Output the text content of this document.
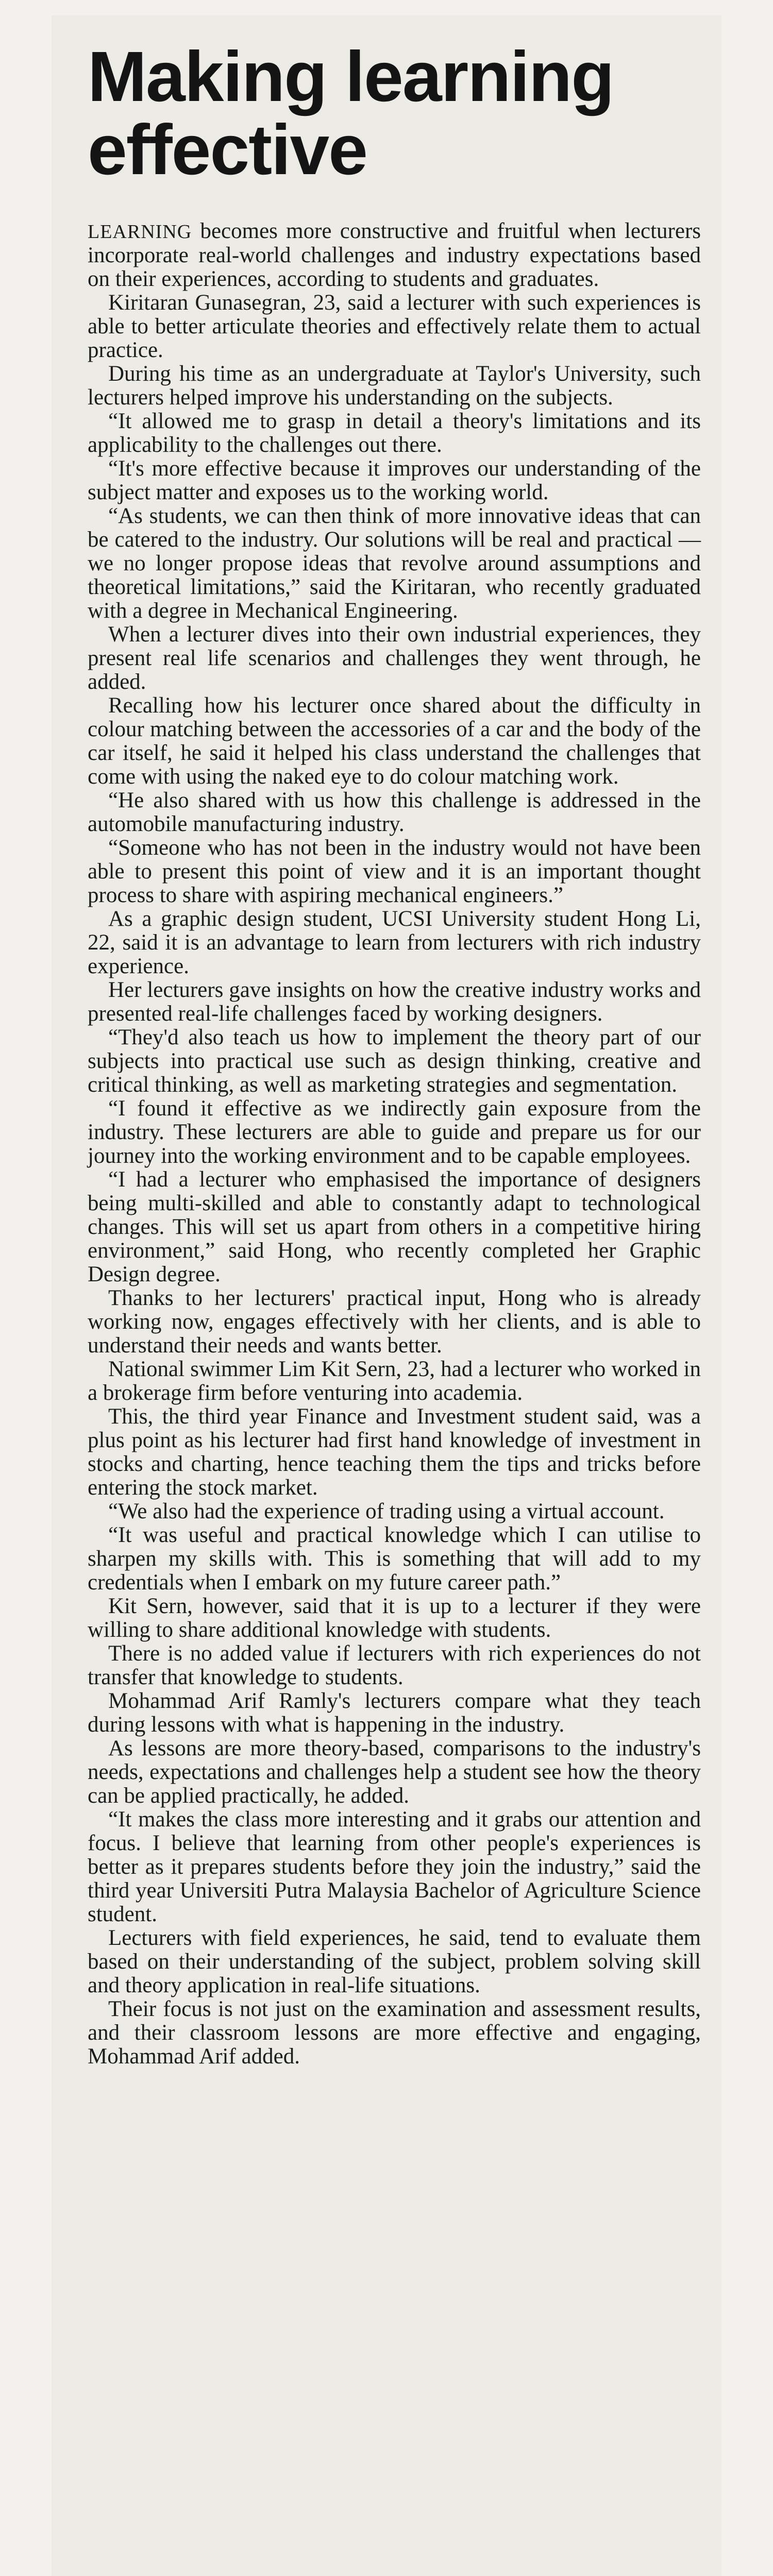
Making learning effective

LEARNING becomes more constructive and fruitful when lecturers incorporate real-world challenges and industry expectations based on their experiences, according to students and graduates.

Kiritaran Gunasegran, 23, said a lecturer with such experiences is able to better articulate theories and effectively relate them to actual practice.

During his time as an undergraduate at Taylor's University, such lecturers helped improve his understanding on the subjects.

“It allowed me to grasp in detail a theory's limitations and its applicability to the challenges out there.

“It's more effective because it improves our understanding of the subject matter and exposes us to the working world.

“As students, we can then think of more innovative ideas that can be catered to the industry. Our solutions will be real and practical — we no longer propose ideas that revolve around assumptions and theoretical limitations,” said the Kiritaran, who recently graduated with a degree in Mechanical Engineering.

When a lecturer dives into their own industrial experiences, they present real life scenarios and challenges they went through, he added.

Recalling how his lecturer once shared about the difficulty in colour matching between the accessories of a car and the body of the car itself, he said it helped his class understand the challenges that come with using the naked eye to do colour matching work.

“He also shared with us how this challenge is addressed in the automobile manufacturing industry.

“Someone who has not been in the industry would not have been able to present this point of view and it is an important thought process to share with aspiring mechanical engineers.”

As a graphic design student, UCSI University student Hong Li, 22, said it is an advantage to learn from lecturers with rich industry experience.

Her lecturers gave insights on how the creative industry works and presented real-life challenges faced by working designers.

“They'd also teach us how to implement the theory part of our subjects into practical use such as design thinking, creative and critical thinking, as well as marketing strategies and segmentation.

“I found it effective as we indirectly gain exposure from the industry. These lecturers are able to guide and prepare us for our journey into the working environment and to be capable employees.

“I had a lecturer who emphasised the importance of designers being multi-skilled and able to constantly adapt to technological changes. This will set us apart from others in a competitive hiring environment,” said Hong, who recently completed her Graphic Design degree.

Thanks to her lecturers' practical input, Hong who is already working now, engages effectively with her clients, and is able to understand their needs and wants better.

National swimmer Lim Kit Sern, 23, had a lecturer who worked in a brokerage firm before venturing into academia.

This, the third year Finance and Investment student said, was a plus point as his lecturer had first hand knowledge of investment in stocks and charting, hence teaching them the tips and tricks before entering the stock market.

“We also had the experience of trading using a virtual account.

“It was useful and practical knowledge which I can utilise to sharpen my skills with. This is something that will add to my credentials when I embark on my future career path.”

Kit Sern, however, said that it is up to a lecturer if they were willing to share additional knowledge with students.

There is no added value if lecturers with rich experiences do not transfer that knowledge to students.

Mohammad Arif Ramly's lecturers compare what they teach during lessons with what is happening in the industry.

As lessons are more theory-based, comparisons to the industry's needs, expectations and challenges help a student see how the theory can be applied practically, he added.

“It makes the class more interesting and it grabs our attention and focus. I believe that learning from other people's experiences is better as it prepares students before they join the industry,” said the third year Universiti Putra Malaysia Bachelor of Agriculture Science student.

Lecturers with field experiences, he said, tend to evaluate them based on their understanding of the subject, problem solving skill and theory application in real-life situations.

Their focus is not just on the examination and assessment results, and their classroom lessons are more effective and engaging, Mohammad Arif added.
